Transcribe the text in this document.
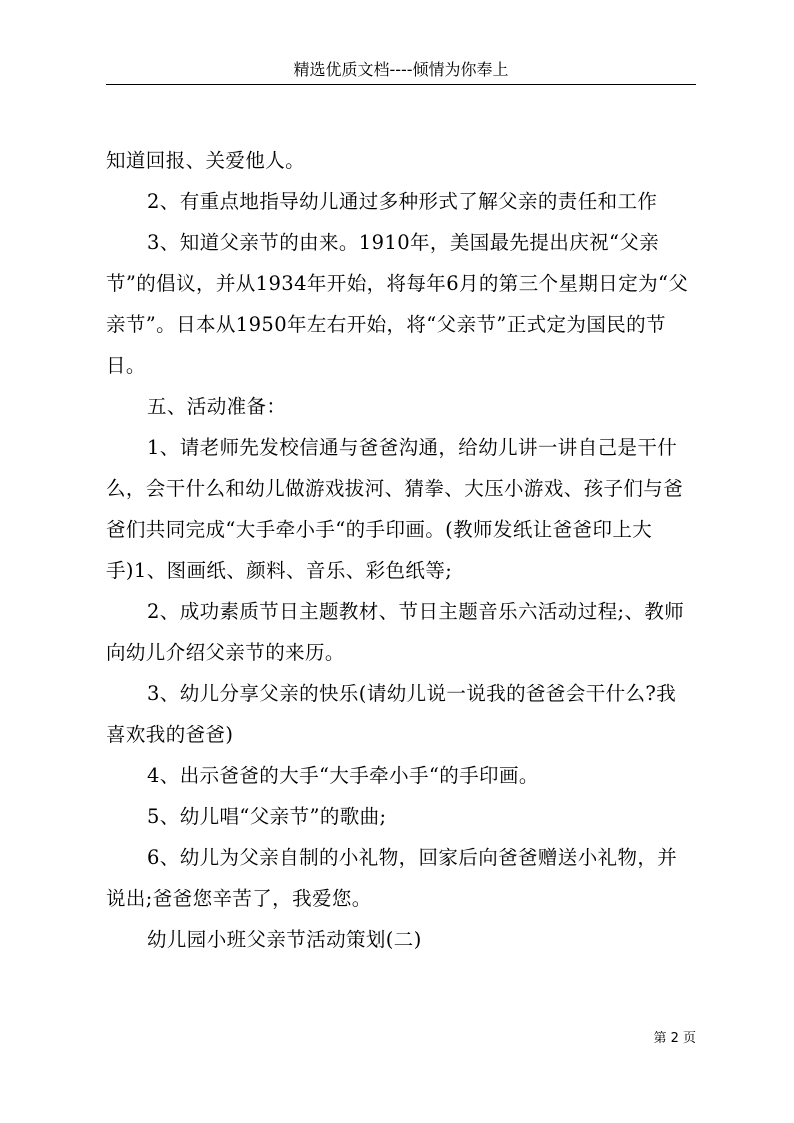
精选优质文档----倾情为你奉上

知道回报、关爱他人。

2、有重点地指导幼儿通过多种形式了解父亲的责任和工作

3、知道父亲节的由来。1910年，美国最先提出庆祝“父亲节”的倡议，并从1934年开始，将每年6月的第三个星期日定为“父亲节”。日本从1950年左右开始，将“父亲节”正式定为国民的节日。

五、活动准备：

1、请老师先发校信通与爸爸沟通，给幼儿讲一讲自己是干什么，会干什么和幼儿做游戏拔河、猜拳、大压小游戏、孩子们与爸爸们共同完成“大手牵小手“的手印画。(教师发纸让爸爸印上大手)1、图画纸、颜料、音乐、彩色纸等;

2、成功素质节日主题教材、节日主题音乐六活动过程;、教师向幼儿介绍父亲节的来历。

3、幼儿分享父亲的快乐(请幼儿说一说我的爸爸会干什么?我喜欢我的爸爸)

4、出示爸爸的大手“大手牵小手“的手印画。

5、幼儿唱“父亲节”的歌曲;

6、幼儿为父亲自制的小礼物，回家后向爸爸赠送小礼物，并说出;爸爸您辛苦了，我爱您。

幼儿园小班父亲节活动策划(二)

第 2 页
